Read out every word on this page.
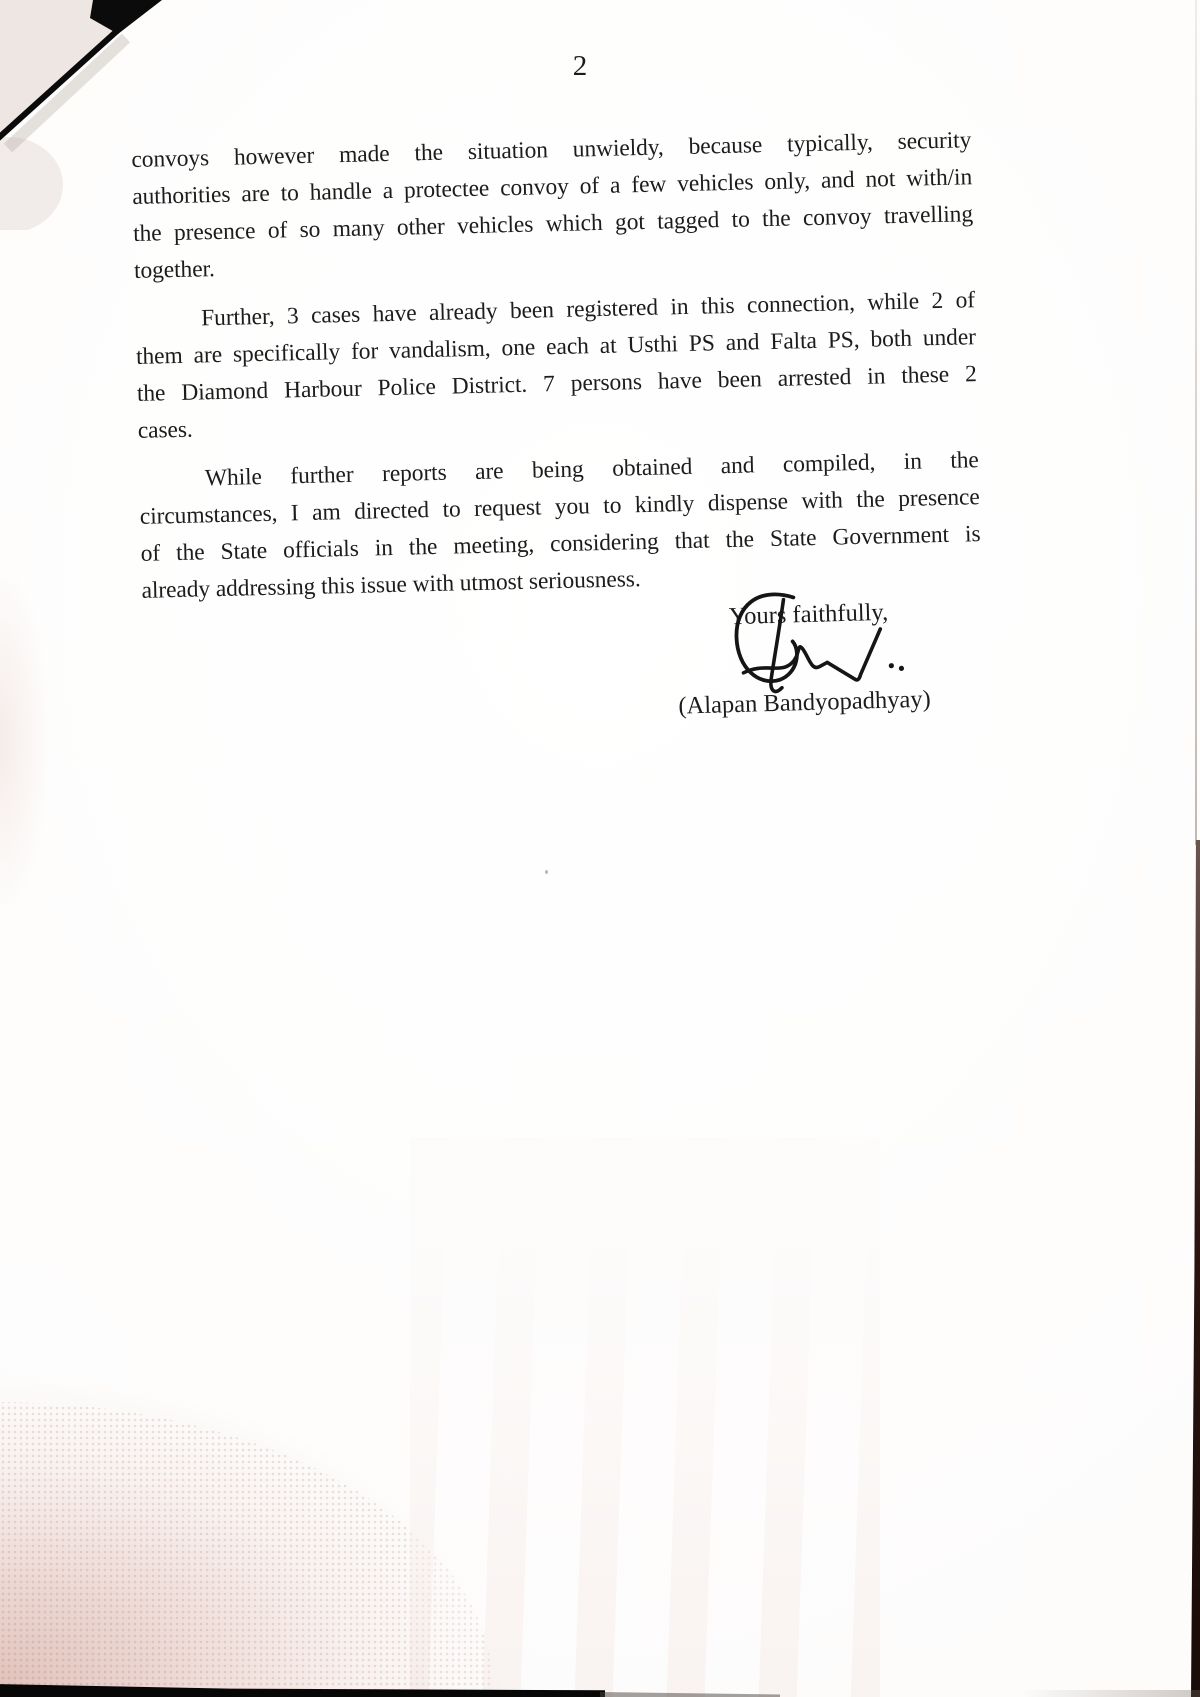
2
convoys however made the situation unwieldy, because typically, security
authorities are to handle a protectee convoy of a few vehicles only, and not with/in
the presence of so many other vehicles which got tagged to the convoy travelling
together.
Further, 3 cases have already been registered in this connection, while 2 of
them are specifically for vandalism, one each at Usthi PS and Falta PS, both under
the Diamond Harbour Police District. 7 persons have been arrested in these 2
cases.
While further reports are being obtained and compiled, in the
circumstances, I am directed to request you to kindly dispense with the presence
of the State officials in the meeting, considering that the State Government is
already addressing this issue with utmost seriousness.
Yours faithfully,
(Alapan Bandyopadhyay)
